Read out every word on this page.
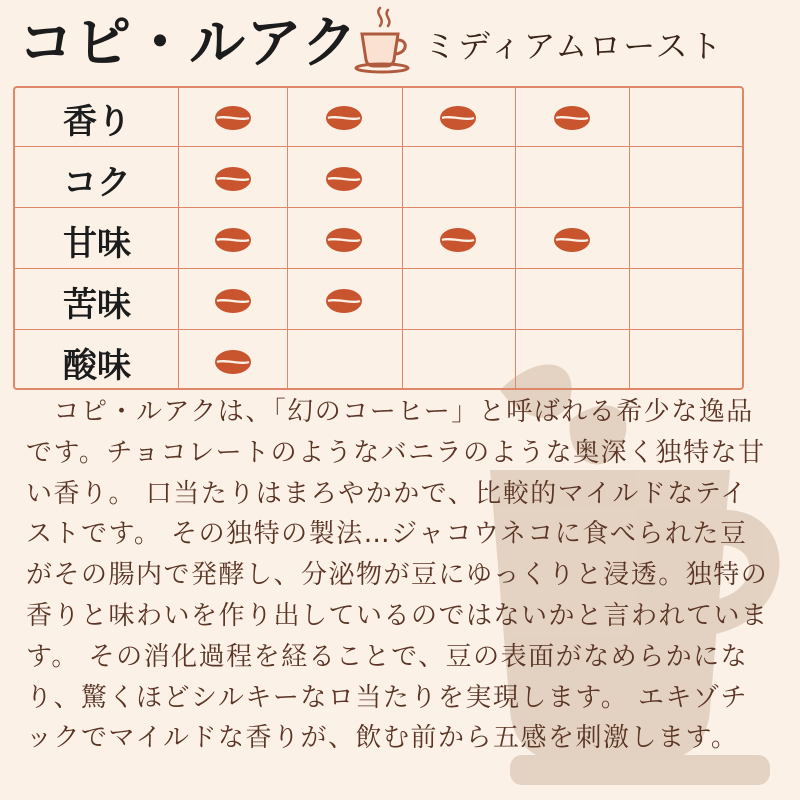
コピ・ルアク ミディアムロースト
香り
コク
甘味
苦味
酸味

　コピ・ルアクは、「幻のコーヒー」と呼ばれる希少な逸品です。チョコレートのようなバニラのような奥深く独特な甘い香り。 口当たりはまろやかかで、比較的マイルドなテイストです。 その独特の製法…ジャコウネコに食べられた豆がその腸内で発酵し、分泌物が豆にゆっくりと浸透。独特の香りと味わいを作り出しているのではないかと言われています。 その消化過程を経ることで、豆の表面がなめらかになり、驚くほどシルキーなロ当たりを実現します。 エキゾチックでマイルドな香りが、飲む前から五感を刺激します。
